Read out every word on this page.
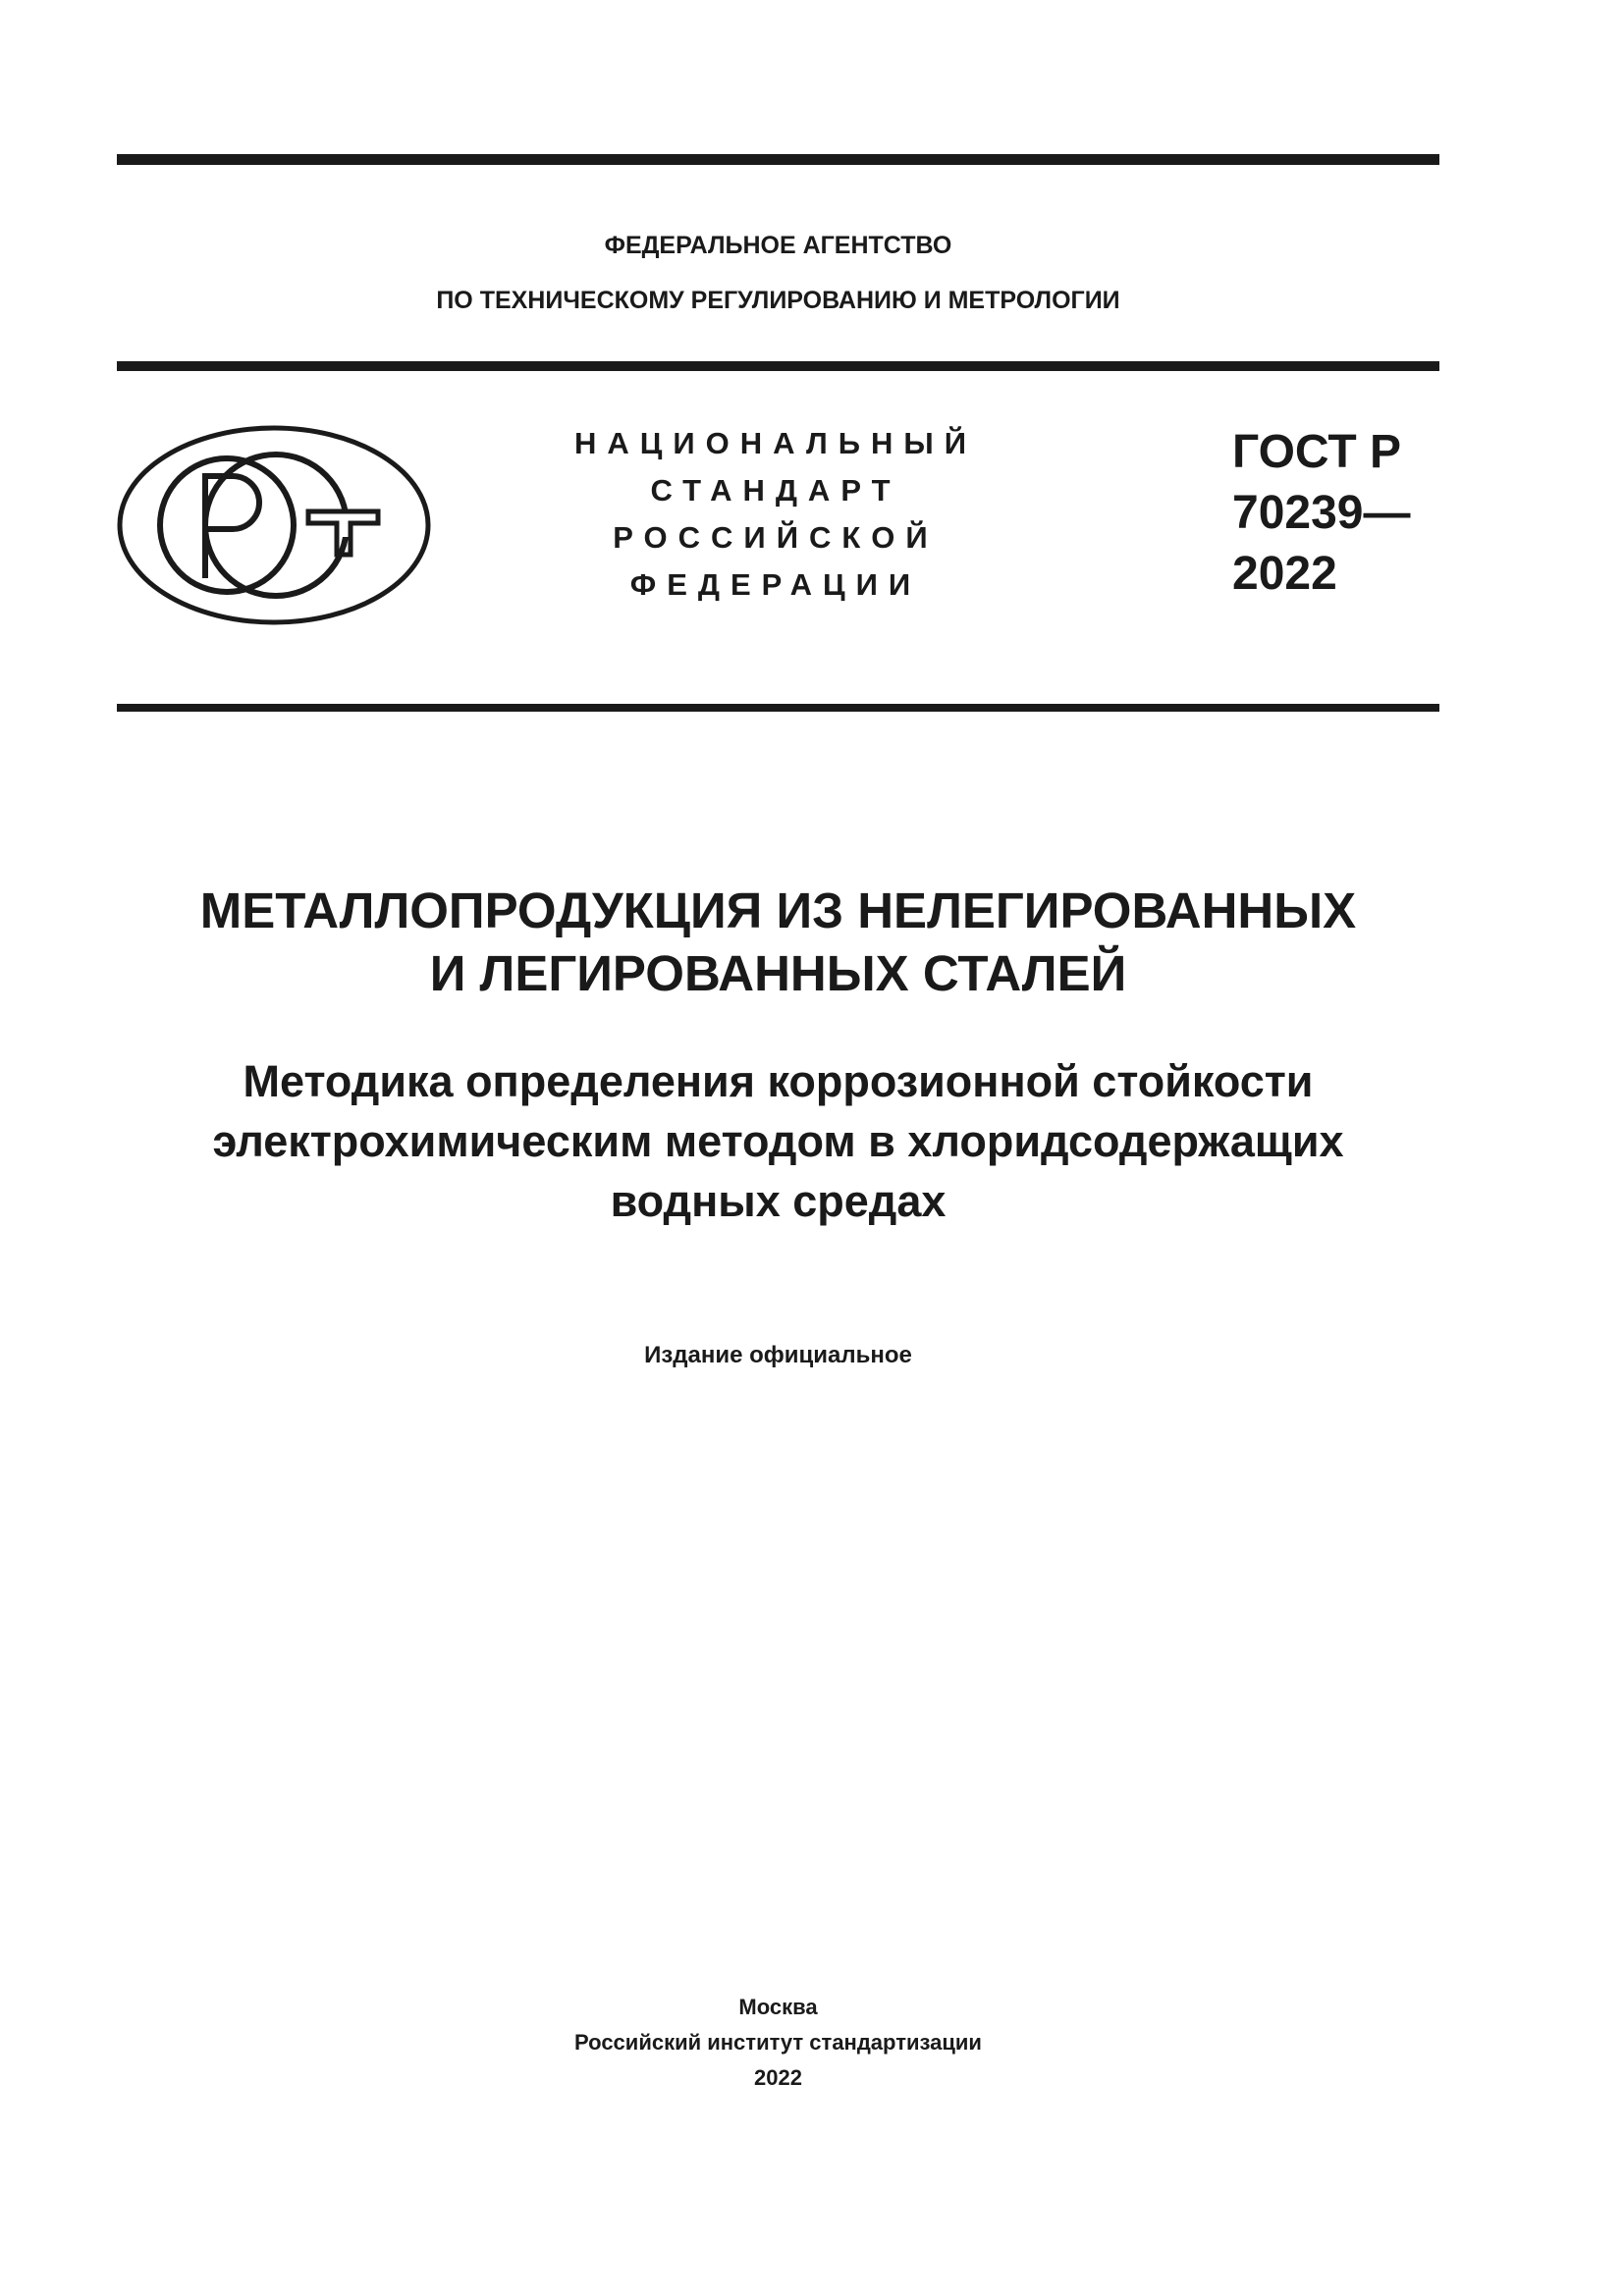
ФЕДЕРАЛЬНОЕ АГЕНТСТВО
ПО ТЕХНИЧЕСКОМУ РЕГУЛИРОВАНИЮ И МЕТРОЛОГИИ
НАЦИОНАЛЬНЫЙ
СТАНДАРТ
РОССИЙСКОЙ
ФЕДЕРАЦИИ
ГОСТ Р
70239—
2022
МЕТАЛЛОПРОДУКЦИЯ ИЗ НЕЛЕГИРОВАННЫХ
И ЛЕГИРОВАННЫХ СТАЛЕЙ
Методика определения коррозионной стойкости
электрохимическим методом в хлоридсодержащих
водных средах
Издание официальное
Москва
Российский институт стандартизации
2022
